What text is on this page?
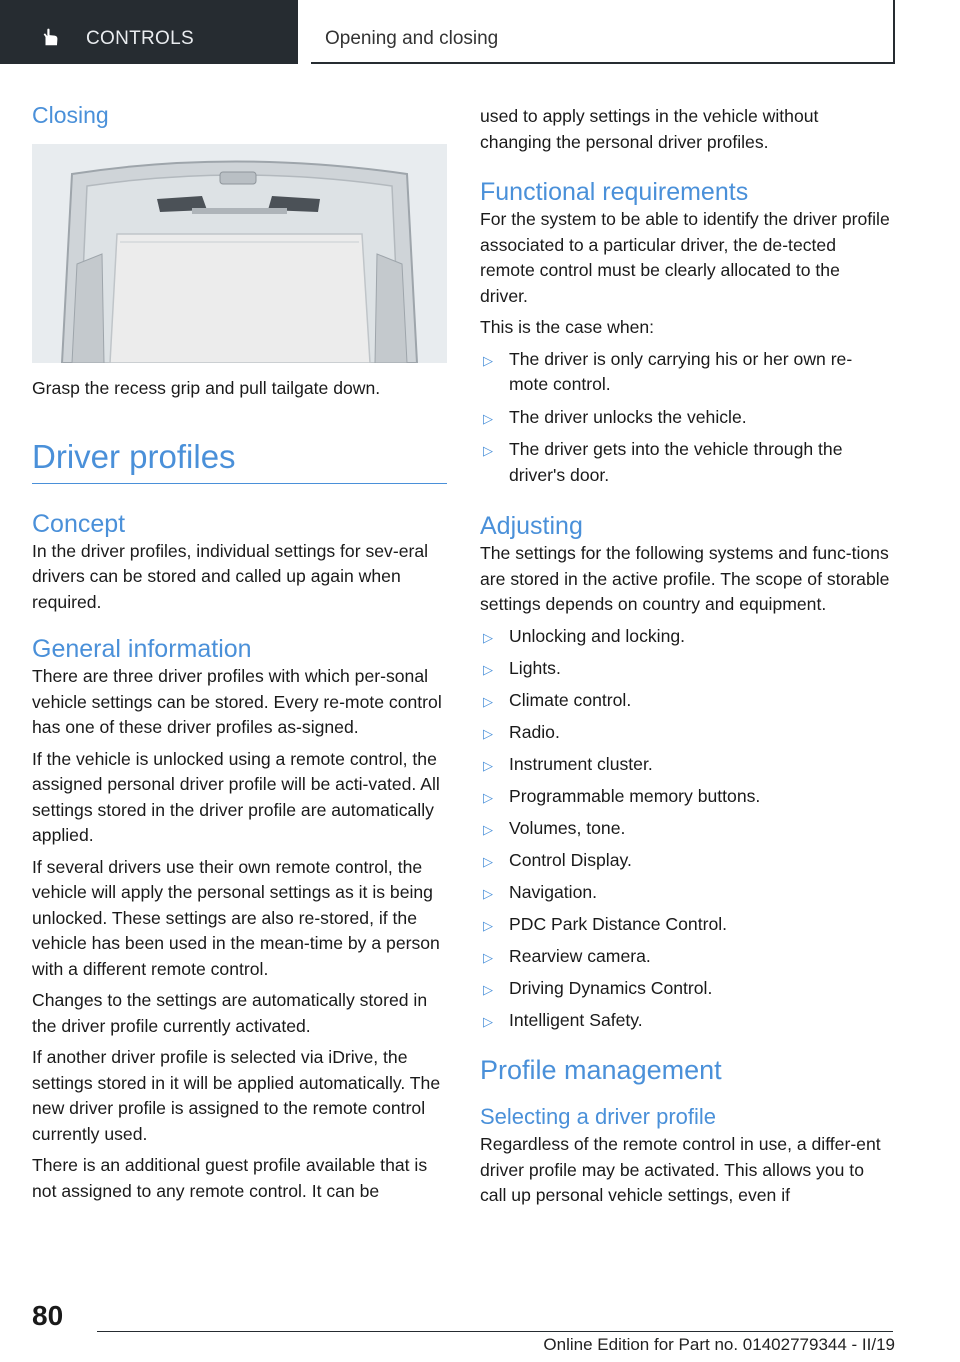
CONTROLS	Opening and closing
Closing

Grasp the recess grip and pull tailgate down.

Driver profiles
Concept

In the driver profiles, individual settings for sev-eral drivers can be stored and called up again when required.

General information

There are three driver profiles with which per-sonal vehicle settings can be stored. Every re-mote control has one of these driver profiles as-signed.

If the vehicle is unlocked using a remote control, the assigned personal driver profile will be acti-vated. All settings stored in the driver profile are automatically applied.

If several drivers use their own remote control, the vehicle will apply the personal settings as it is being unlocked. These settings are also re-stored, if the vehicle has been used in the mean-time by a person with a different remote control.

Changes to the settings are automatically stored in the driver profile currently activated.

If another driver profile is selected via iDrive, the settings stored in it will be applied automatically. The new driver profile is assigned to the remote control currently used.

There is an additional guest profile available that is not assigned to any remote control. It can be

used to apply settings in the vehicle without changing the personal driver profiles.

Functional requirements

For the system to be able to identify the driver profile associated to a particular driver, the de-tected remote control must be clearly allocated to the driver.

This is the case when:

▷ The driver is only carrying his or her own re-mote control.
▷ The driver unlocks the vehicle.
▷ The driver gets into the vehicle through the driver's door.
Adjusting

The settings for the following systems and func-tions are stored in the active profile. The scope of storable settings depends on country and equipment.

▷ Unlocking and locking.
▷ Lights.
▷ Climate control.
▷ Radio.
▷ Instrument cluster.
▷ Programmable memory buttons.
▷ Volumes, tone.
▷ Control Display.
▷ Navigation.
▷ PDC Park Distance Control.
▷ Rearview camera.
▷ Driving Dynamics Control.
▷ Intelligent Safety.
Profile management
Selecting a driver profile

Regardless of the remote control in use, a differ-ent driver profile may be activated. This allows you to call up personal vehicle settings, even if

80
Online Edition for Part no. 01402779344 - II/19
